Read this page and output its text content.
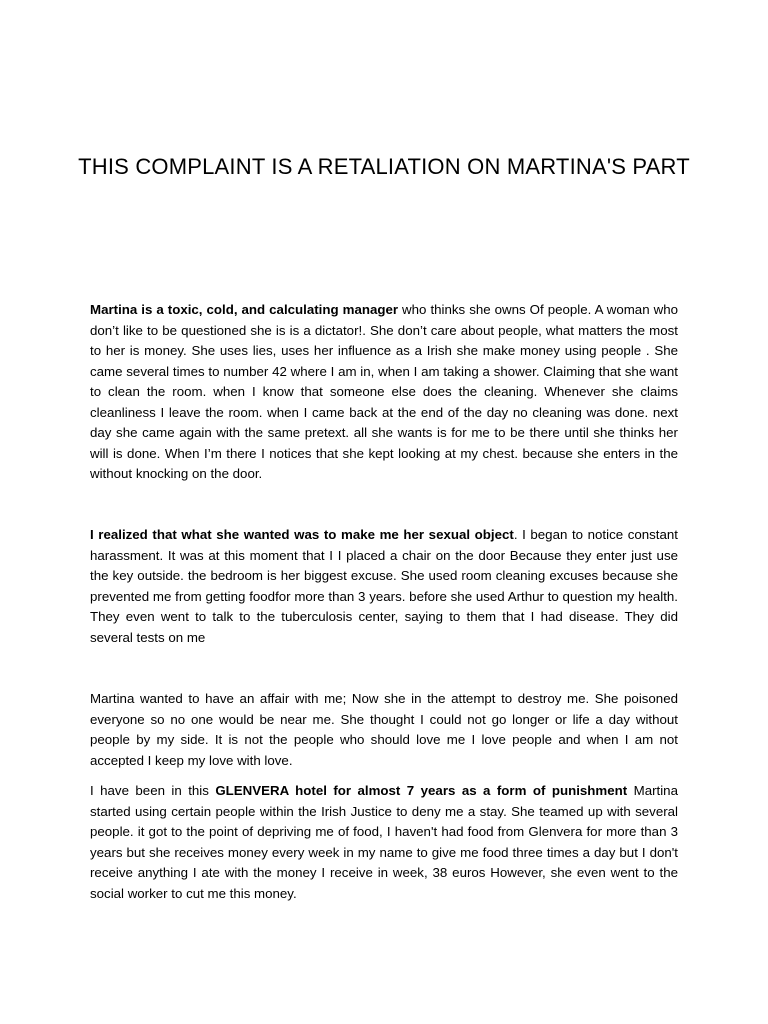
THIS COMPLAINT IS A RETALIATION ON MARTINA'S PART

Martina is a toxic, cold, and calculating manager who thinks she owns Of people. A woman who don’t like to be questioned she is is a dictator!. She don’t care about people, what matters the most to her is money. She uses lies, uses her influence as a Irish she make money using people . She came several times to number 42 where I am in, when I am taking a shower. Claiming that she want to clean the room. when I know that someone else does the cleaning. Whenever she claims cleanliness I leave the room. when I came back at the end of the day no cleaning was done. next day she came again with the same pretext. all she wants is for me to be there until she thinks her will is done. When I’m there I notices that she kept looking at my chest. because she enters in the without knocking on the door.

I realized that what she wanted was to make me her sexual object. I began to notice constant harassment. It was at this moment that I I placed a chair on the door Because they enter just use the key outside. the bedroom is her biggest excuse. She used room cleaning excuses because she prevented me from getting foodfor more than 3 years. before she used Arthur to question my health. They even went to talk to the tuberculosis center, saying to them that I had disease. They did several tests on me

Martina wanted to have an affair with me; Now she in the attempt to destroy me. She poisoned everyone so no one would be near me. She thought I could not go longer or life a day without people by my side. It is not the people who should love me I love people and when I am not accepted I keep my love with love.

I have been in this GLENVERA hotel for almost 7 years as a form of punishment Martina started using certain people within the Irish Justice to deny me a stay. She teamed up with several people. it got to the point of depriving me of food, I haven't had food from Glenvera for more than 3 years but she receives money every week in my name to give me food three times a day but I don't receive anything I ate with the money I receive in week, 38 euros However, she even went to the social worker to cut me this money.
